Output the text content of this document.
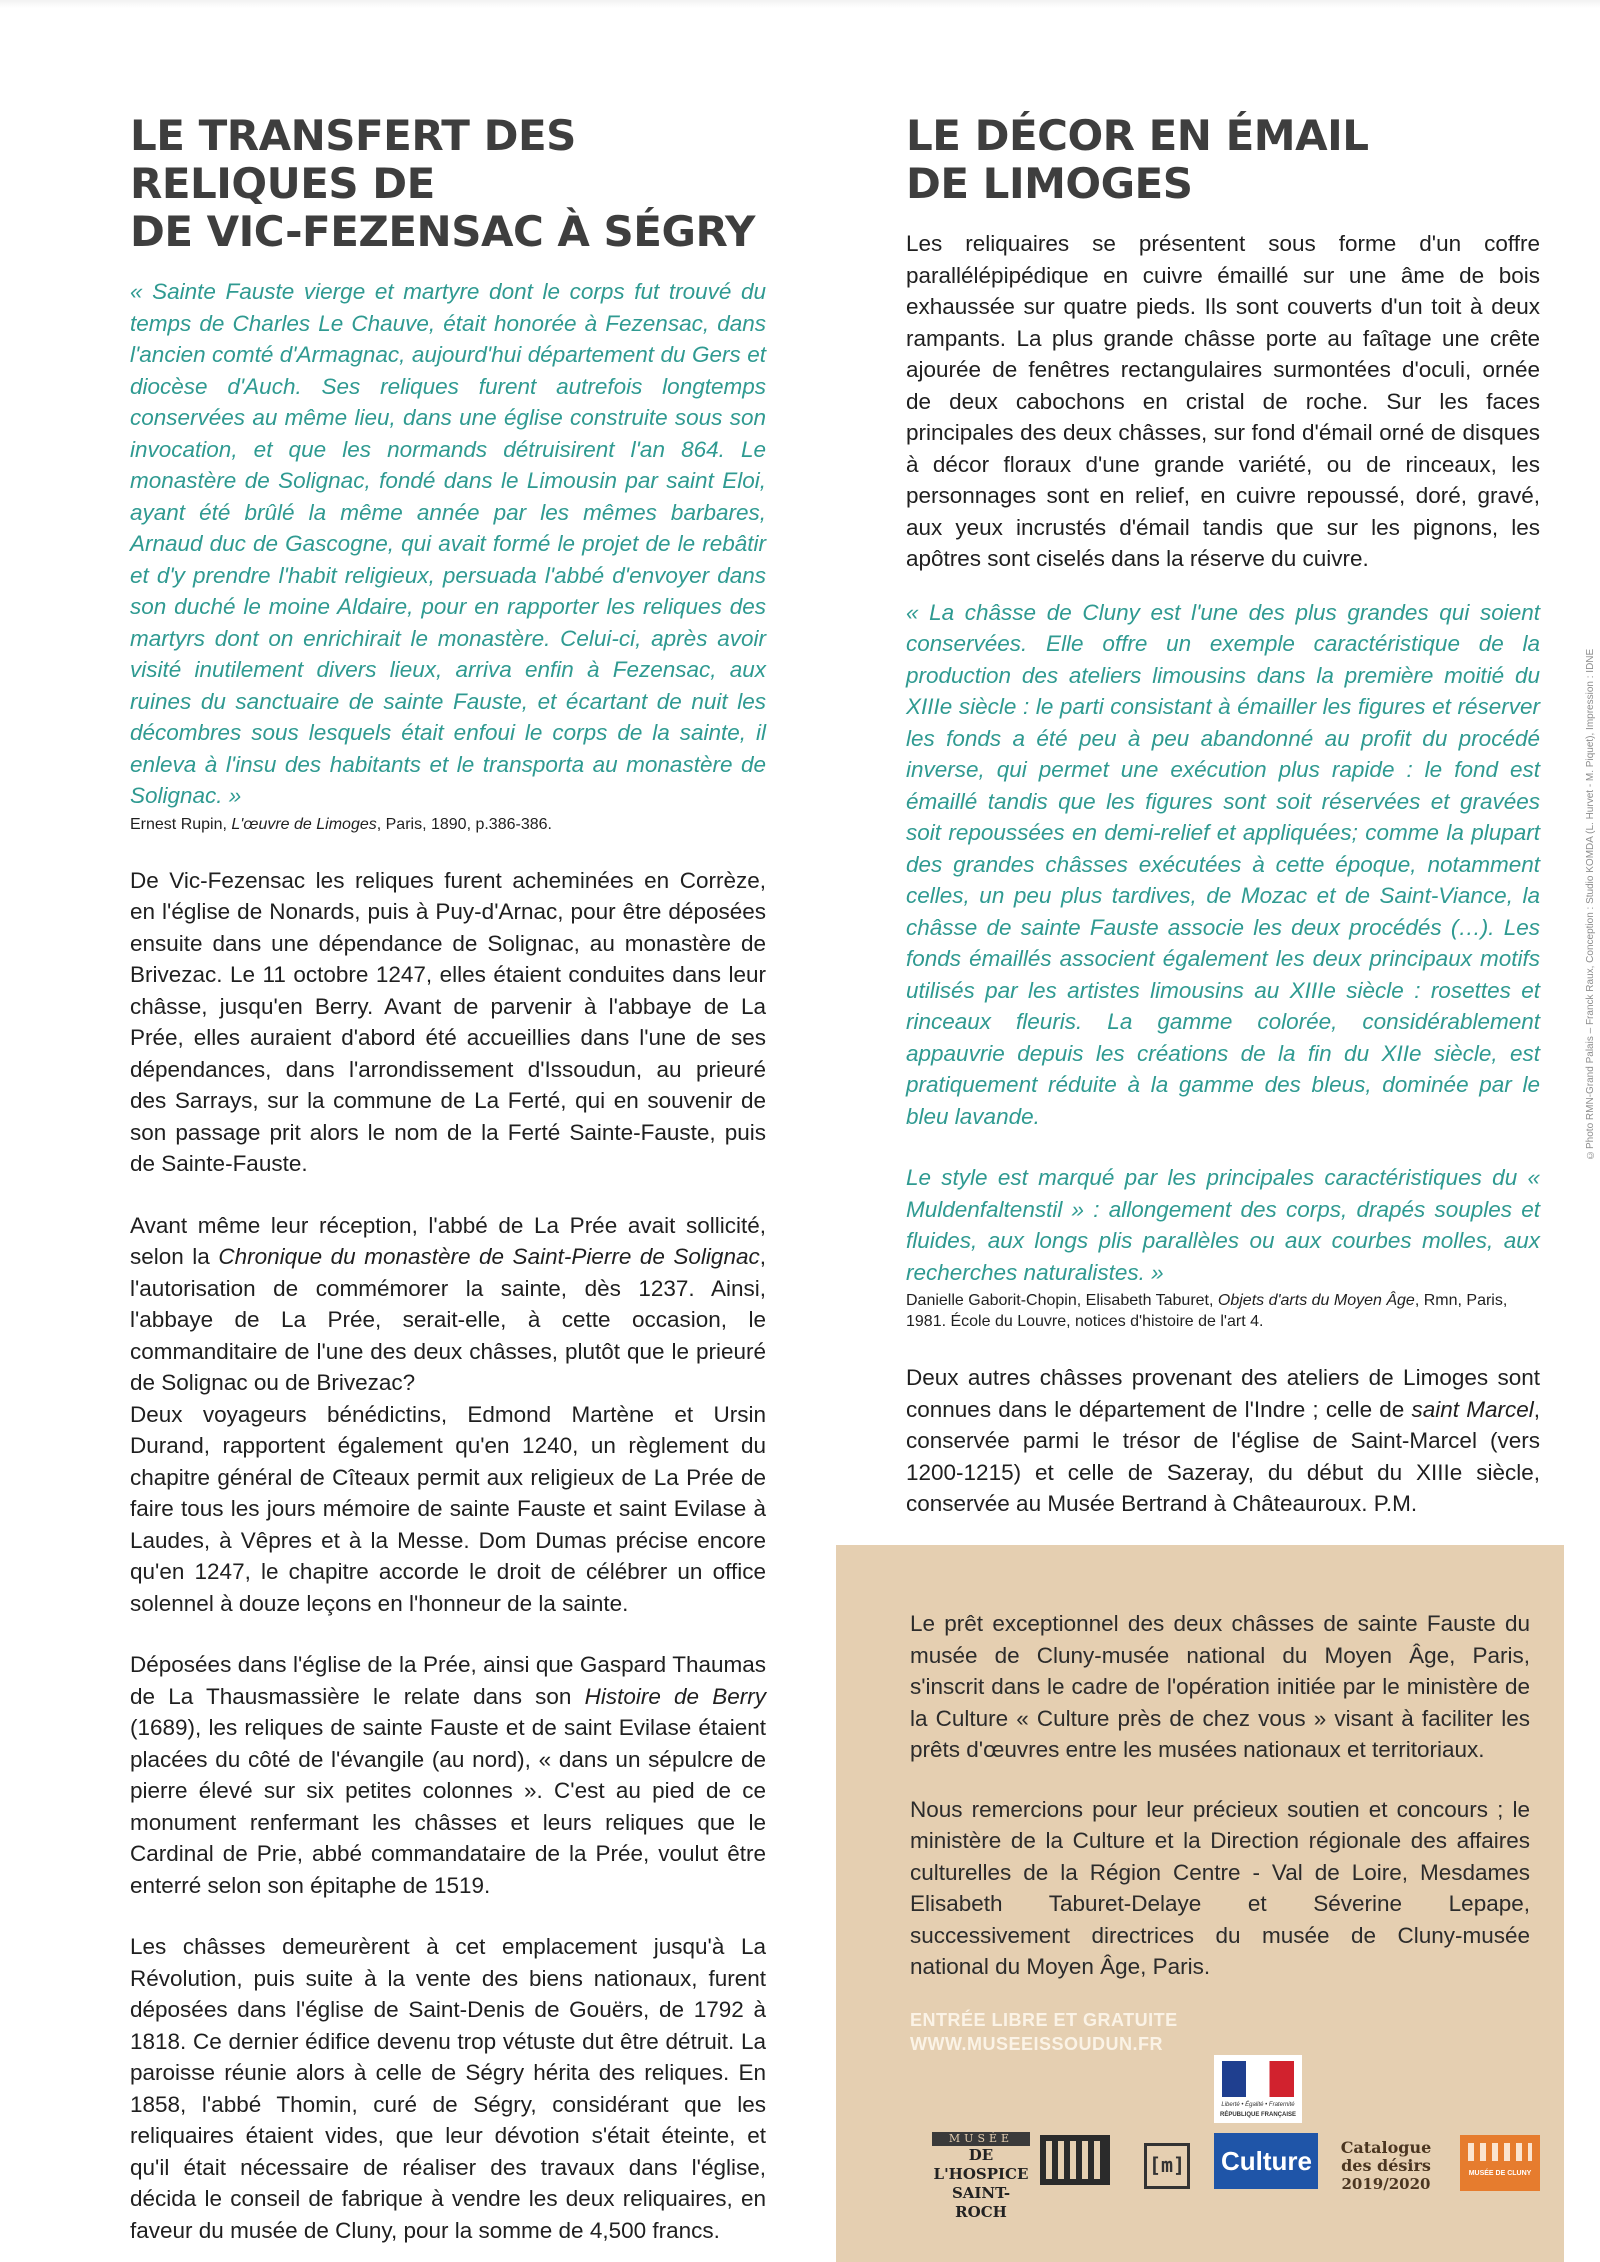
LE TRANSFERT DES RELIQUES DE
DE VIC-FEZENSAC À SÉGRY
« Sainte Fauste vierge et martyre dont le corps fut trouvé du temps de Charles Le Chauve, était honorée à Fezensac, dans l'ancien comté d'Armagnac, aujourd'hui département du Gers et diocèse d'Auch. Ses reliques furent autrefois longtemps conservées au même lieu, dans une église construite sous son invocation, et que les normands détruisirent l'an 864. Le monastère de Solignac, fondé dans le Limousin par saint Eloi, ayant été brûlé la même année par les mêmes barbares, Arnaud duc de Gascogne, qui avait formé le projet de le rebâtir et d'y prendre l'habit religieux, persuada l'abbé d'envoyer dans son duché le moine Aldaire, pour en rapporter les reliques des martyrs dont on enrichirait le monastère. Celui-ci, après avoir visité inutilement divers lieux, arriva enfin à Fezensac, aux ruines du sanctuaire de sainte Fauste, et écartant de nuit les décombres sous lesquels était enfoui le corps de la sainte, il enleva à l'insu des habitants et le transporta au monastère de Solignac. »
Ernest Rupin, L'œuvre de Limoges, Paris, 1890, p.386-386.

De Vic-Fezensac les reliques furent acheminées en Corrèze, en l'église de Nonards, puis à Puy-d'Arnac, pour être déposées ensuite dans une dépendance de Solignac, au monastère de Brivezac. Le 11 octobre 1247, elles étaient conduites dans leur châsse, jusqu'en Berry. Avant de parvenir à l'abbaye de La Prée, elles auraient d'abord été accueillies dans l'une de ses dépendances, dans l'arrondissement d'Issoudun, au prieuré des Sarrays, sur la commune de La Ferté, qui en souvenir de son passage prit alors le nom de la Ferté Sainte-Fauste, puis de Sainte-Fauste.

Avant même leur réception, l'abbé de La Prée avait sollicité, selon la Chronique du monastère de Saint-Pierre de Solignac, l'autorisation de commémorer la sainte, dès 1237. Ainsi, l'abbaye de La Prée, serait-elle, à cette occasion, le commanditaire de l'une des deux châsses, plutôt que le prieuré de Solignac ou de Brivezac?

Deux voyageurs bénédictins, Edmond Martène et Ursin Durand, rapportent également qu'en 1240, un règlement du chapitre général de Cîteaux permit aux religieux de La Prée de faire tous les jours mémoire de sainte Fauste et saint Evilase à Laudes, à Vêpres et à la Messe. Dom Dumas précise encore qu'en 1247, le chapitre accorde le droit de célébrer un office solennel à douze leçons en l'honneur de la sainte.

Déposées dans l'église de la Prée, ainsi que Gaspard Thaumas de La Thausmassière le relate dans son Histoire de Berry (1689), les reliques de sainte Fauste et de saint Evilase étaient placées du côté de l'évangile (au nord), « dans un sépulcre de pierre élevé sur six petites colonnes ». C'est au pied de ce monument renfermant les châsses et leurs reliques que le Cardinal de Prie, abbé commandataire de la Prée, voulut être enterré selon son épitaphe de 1519.

Les châsses demeurèrent à cet emplacement jusqu'à La Révolution, puis suite à la vente des biens nationaux, furent déposées dans l'église de Saint-Denis de Gouërs, de 1792 à 1818. Ce dernier édifice devenu trop vétuste dut être détruit. La paroisse réunie alors à celle de Ségry hérita des reliques. En 1858, l'abbé Thomin, curé de Ségry, considérant que les reliquaires étaient vides, que leur dévotion s'était éteinte, et qu'il était nécessaire de réaliser des travaux dans l'église, décida le conseil de fabrique à vendre les deux reliquaires, en faveur du musée de Cluny, pour la somme de 4,500 francs.

LE DÉCOR EN ÉMAIL
DE LIMOGES

Les reliquaires se présentent sous forme d'un coffre parallélépipédique en cuivre émaillé sur une âme de bois exhaussée sur quatre pieds. Ils sont couverts d'un toit à deux rampants. La plus grande châsse porte au faîtage une crête ajourée de fenêtres rectangulaires surmontées d'oculi, ornée de deux cabochons en cristal de roche. Sur les faces principales des deux châsses, sur fond d'émail orné de disques à décor floraux d'une grande variété, ou de rinceaux, les personnages sont en relief, en cuivre repoussé, doré, gravé, aux yeux incrustés d'émail tandis que sur les pignons, les apôtres sont ciselés dans la réserve du cuivre.

« La châsse de Cluny est l'une des plus grandes qui soient conservées. Elle offre un exemple caractéristique de la production des ateliers limousins dans la première moitié du XIIIe siècle : le parti consistant à émailler les figures et réserver les fonds a été peu à peu abandonné au profit du procédé inverse, qui permet une exécution plus rapide : le fond est émaillé tandis que les figures sont soit réservées et gravées soit repoussées en demi-relief et appliquées; comme la plupart des grandes châsses exécutées à cette époque, notamment celles, un peu plus tardives, de Mozac et de Saint-Viance, la châsse de sainte Fauste associe les deux procédés (…). Les fonds émaillés associent également les deux principaux motifs utilisés par les artistes limousins au XIIIe siècle : rosettes et rinceaux fleuris. La gamme colorée, considérablement appauvrie depuis les créations de la fin du XIIe siècle, est pratiquement réduite à la gamme des bleus, dominée par le bleu lavande.
Le style est marqué par les principales caractéristiques du « Muldenfaltenstil » : allongement des corps, drapés souples et fluides, aux longs plis parallèles ou aux courbes molles, aux recherches naturalistes. »
Danielle Gaborit-Chopin, Elisabeth Taburet, Objets d'arts du Moyen Âge, Rmn, Paris, 1981. École du Louvre, notices d'histoire de l'art 4.

Deux autres châsses provenant des ateliers de Limoges sont connues dans le département de l'Indre ; celle de saint Marcel, conservée parmi le trésor de l'église de Saint-Marcel (vers 1200-1215) et celle de Sazeray, du début du XIIIe siècle, conservée au Musée Bertrand à Châteauroux. P.M.

Le prêt exceptionnel des deux châsses de sainte Fauste du musée de Cluny-musée national du Moyen Âge, Paris, s'inscrit dans le cadre de l'opération initiée par le ministère de la Culture « Culture près de chez vous » visant à faciliter les prêts d'œuvres entre les musées nationaux et territoriaux.

Nous remercions pour leur précieux soutien et concours ; le ministère de la Culture et la Direction régionale des affaires culturelles de la Région Centre - Val de Loire, Mesdames Elisabeth Taburet-Delaye et Séverine Lepape, successivement directrices du musée de Cluny-musée national du Moyen Âge, Paris.

ENTRÉE LIBRE ET GRATUITE
WWW.MUSEEISSOUDUN.FR
MUSÉE
DE L'HOSPICE
SAINT-ROCH
[m]
Liberté • Égalité • Fraternité
RÉPUBLIQUE FRANÇAISE
Culture	Catalogue
des désirs
2019/2020
MUSÉE DE CLUNY
©Photo RMN-Grand Palais – Franck Raux, Conception : Studio KOMDA (L. Hurvet - M. Piquet), Impression : IDNE
